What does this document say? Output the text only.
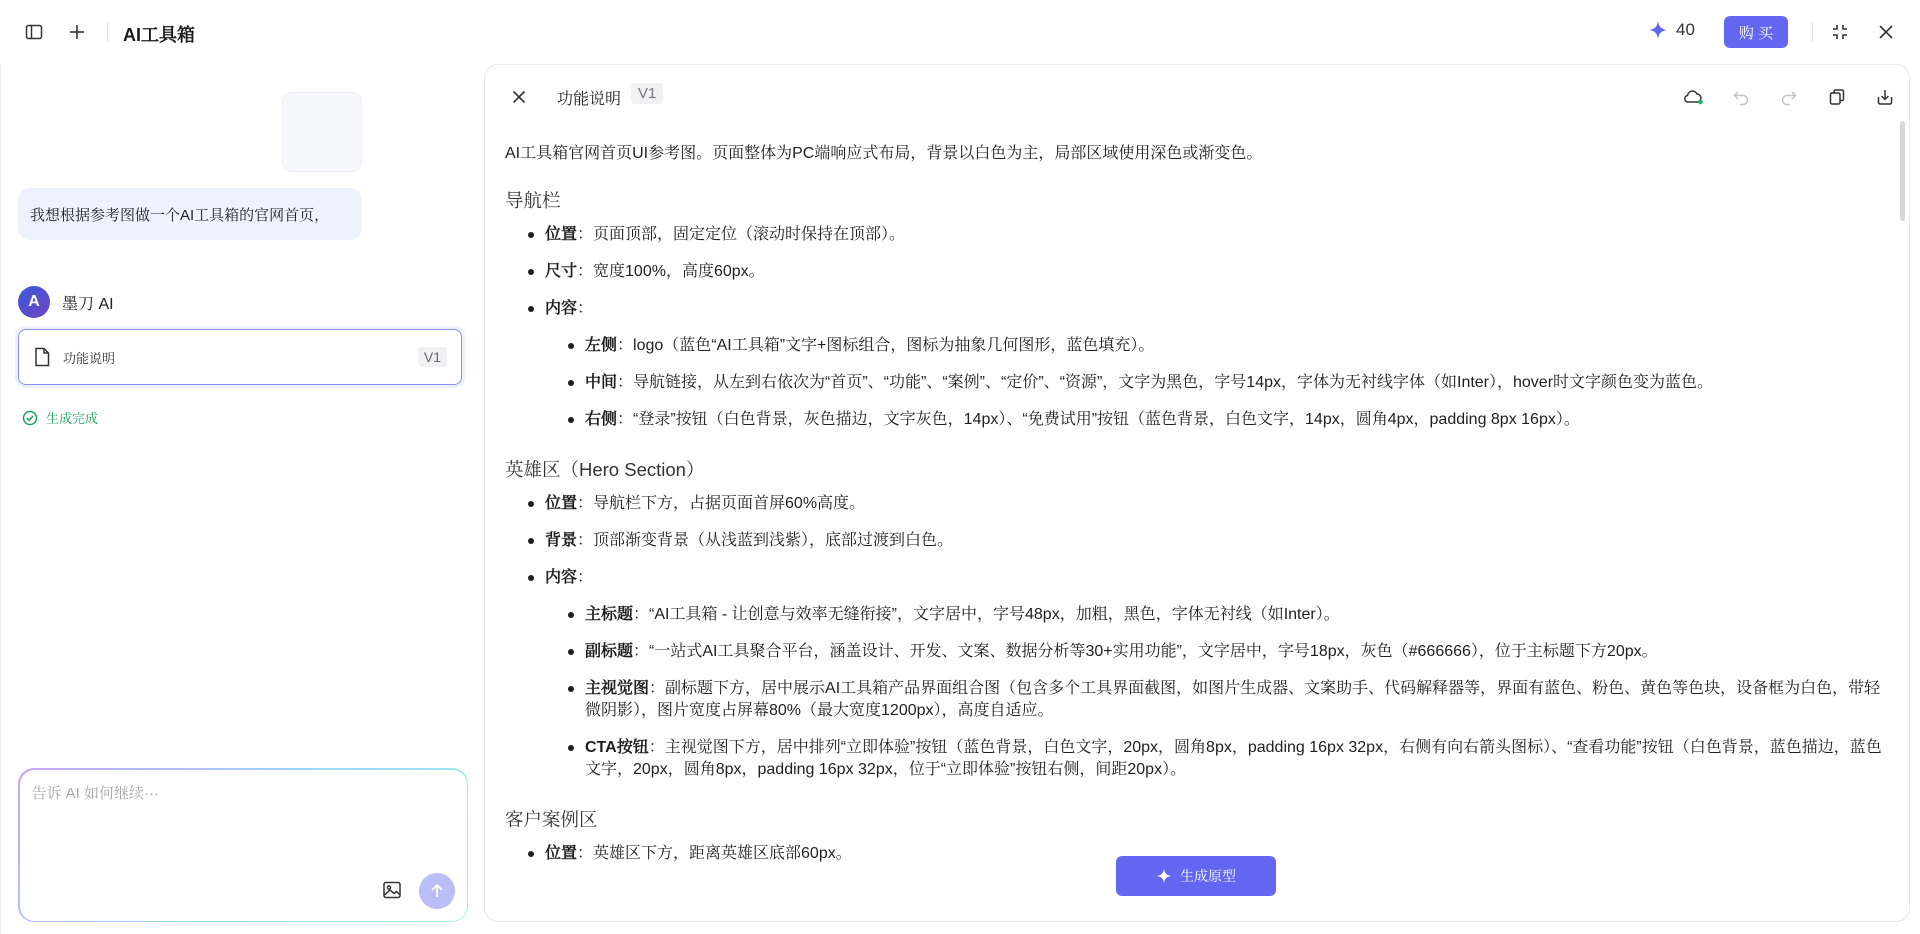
AI工具箱	40	购 买
我想根据参考图做一个AI工具箱的官网首页，
A	墨刀 AI
功能说明	V1
生成完成
告诉 AI 如何继续···
功能说明	V1
AI工具箱官网首页UI参考图。页面整体为PC端响应式布局，背景以白色为主，局部区域使用深色或渐变色。
导航栏
位置：页面顶部，固定定位（滚动时保持在顶部）。
尺寸：宽度100%，高度60px。
内容：
左侧：logo（蓝色“AI工具箱”文字+图标组合，图标为抽象几何图形，蓝色填充）。
中间：导航链接，从左到右依次为“首页”、“功能”、“案例”、“定价”、“资源”，文字为黑色，字号14px，字体为无衬线字体（如Inter），hover时文字颜色变为蓝色。
右侧：“登录”按钮（白色背景，灰色描边，文字灰色，14px）、“免费试用”按钮（蓝色背景，白色文字，14px，圆角4px，padding 8px 16px）。
英雄区（Hero Section）
位置：导航栏下方，占据页面首屏60%高度。
背景：顶部渐变背景（从浅蓝到浅紫），底部过渡到白色。
内容：
主标题：“AI工具箱 - 让创意与效率无缝衔接”，文字居中，字号48px，加粗，黑色，字体无衬线（如Inter）。
副标题：“一站式AI工具聚合平台，涵盖设计、开发、文案、数据分析等30+实用功能”，文字居中，字号18px，灰色（#666666），位于主标题下方20px。
主视觉图：副标题下方，居中展示AI工具箱产品界面组合图（包含多个工具界面截图，如图片生成器、文案助手、代码解释器等，界面有蓝色、粉色、黄色等色块，设备框为白色，带轻微阴影），图片宽度占屏幕80%（最大宽度1200px），高度自适应。
CTA按钮：主视觉图下方，居中排列“立即体验”按钮（蓝色背景，白色文字，20px，圆角8px，padding 16px 32px，右侧有向右箭头图标）、“查看功能”按钮（白色背景，蓝色描边，蓝色文字，20px，圆角8px，padding 16px 32px，位于“立即体验”按钮右侧，间距20px）。
客户案例区
位置：英雄区下方，距离英雄区底部60px。
生成原型
